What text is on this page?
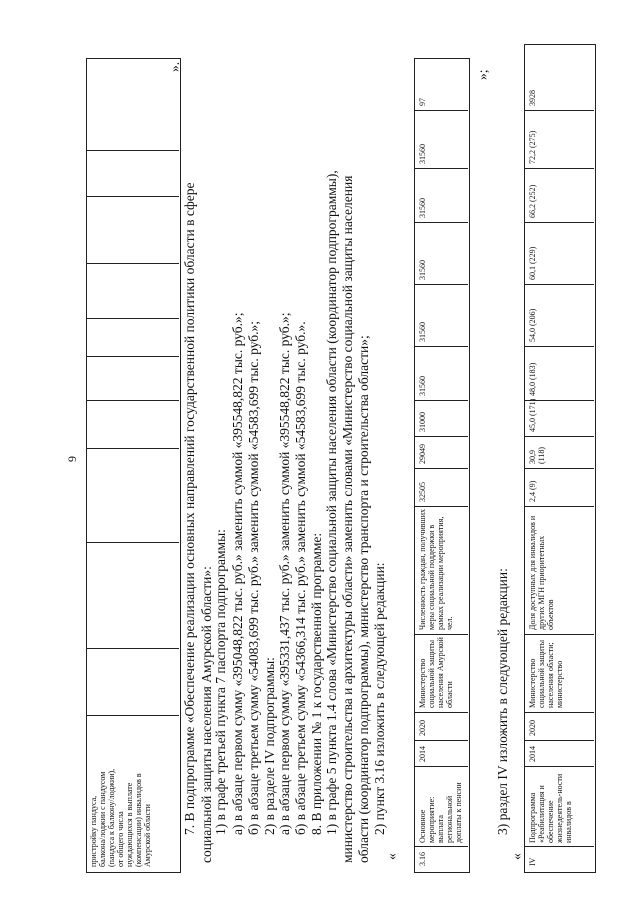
9
пристройку пандуса, балкона/лоджии с пандусом (пандуса к балкону/лоджии), от общего числа нуждающихся в выплате (компенсации) инвалидов в Амурской области
».
7. В подпрограмме «Обеспечение реализации основных направлений государственной политики области в сфере социальной защиты населения Амурской области»: 1) в графе третьей пункта 7 паспорта подпрограммы: а) в абзаце первом сумму «395048,822 тыс. руб.» заменить суммой «395548,822 тыс. руб.»; б) в абзаце третьем сумму «54083,699 тыс. руб.» заменить суммой «54583,699 тыс. руб.»; 2) в разделе IV подпрограммы: а) в абзаце первом сумму «395331,437 тыс. руб.» заменить суммой «395548,822 тыс. руб.»; б) в абзаце третьем сумму «54366,314 тыс. руб.» заменить суммой «54583,699 тыс. руб.». 8. В приложении № 1 к государственной программе: 1) в графе 5 пункта 1.4 слова «Министерство социальной защиты населения области (координатор подпрограммы), министерство строительства и архитектуры области» заменить словами «Министерство социальной защиты населения области (координатор подпрограммы), министерство транспорта и строительства области»; 2) пункт 3.16 изложить в следующей редакции:
« 3.16
Основное мероприятие: выплата региональной доплаты к пенсии
2014
2020
Министерство социальной защиты населения Амурской области
Численность граждан, получивших меры социальной поддержки в рамках реализации мероприятия, чел.
32505
29049
31000
31560
31560
31560
31560
31560
97
»;
3) раздел IV изложить в следующей редакции:
«
IV
Подпрограмма «Реабилитация и обеспечение жизнедеятель-ности инвалидов в
2014
2020
Министерство социальной защиты населения области; министерство
Доля доступных для инвалидов и других МГН приоритетных объектов
2,4 (9)
30,9 (118)
45,0 (171)
48,0 (183)
54,0 (206)
60,1 (229)
66,2 (252)
72,2 (275)
3928
